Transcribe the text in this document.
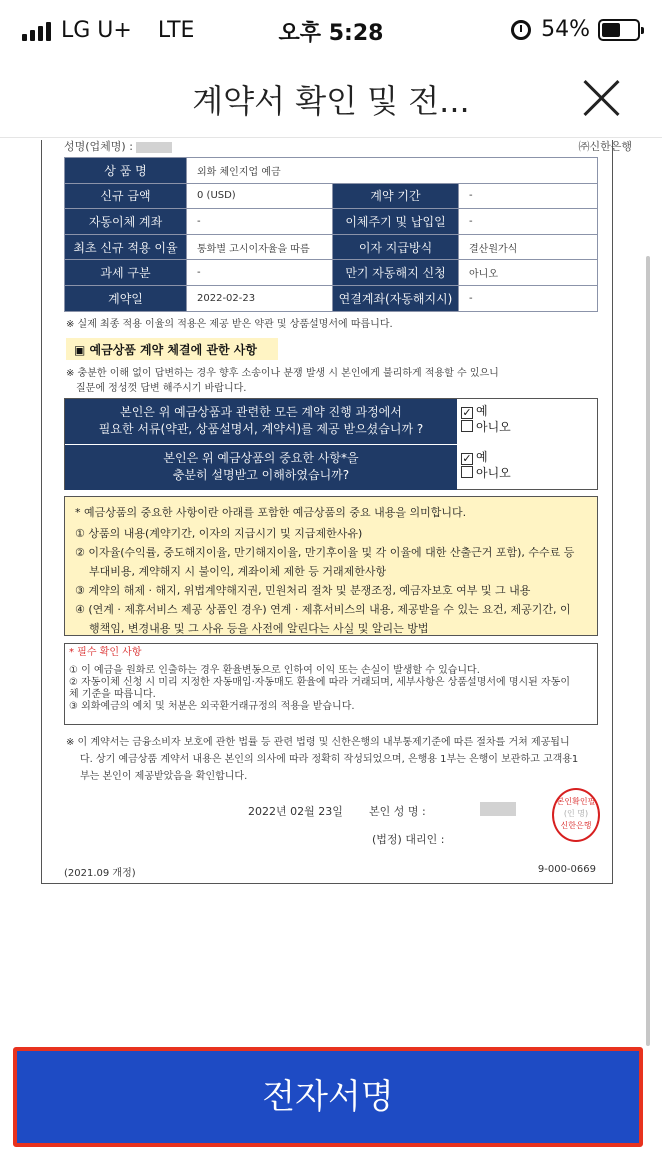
LG U+ LTE	오후 5:28	54%
계약서 확인 및 전...
성명(업체명) :	㈜신한은행
상 품 명	외화 체인지업 예금		
신규 금액	0 (USD)	계약 기간	-
자동이체 계좌	-	이체주기 및 납입일	-
최초 신규 적용 이율	통화별 고시이자율을 따름	이자 지급방식	결산원가식
과세 구분	-	만기 자동해지 신청	아니오
계약일	2022-02-23	연결계좌(자동해지시)	-
※ 실제 최종 적용 이율의 적용은 제공 받은 약관 및 상품설명서에 따릅니다.
▣ 예금상품 계약 체결에 관한 사항
※ 충분한 이해 없이 답변하는 경우 향후 소송이나 분쟁 발생 시 본인에게 불리하게 적용할 수 있으니
질문에 정성껏 답변 해주시기 바랍니다.
본인은 위 예금상품과 관련한 모든 계약 진행 과정에서
필요한 서류(약관, 상품설명서, 계약서)를 제공 받으셨습니까 ?
✓ 예
아니오
본인은 위 예금상품의 중요한 사항*을
충분히 설명받고 이해하였습니까?
✓ 예
아니오
* 예금상품의 중요한 사항이란 아래를 포함한 예금상품의 중요 내용을 의미합니다.
① 상품의 내용(계약기간, 이자의 지급시기 및 지급제한사유)
② 이자율(수익률, 중도해지이율, 만기해지이율, 만기후이율 및 각 이율에 대한 산출근거 포함), 수수료 등
부대비용, 계약해지 시 불이익, 계좌이체 제한 등 거래제한사항
③ 계약의 해제 · 해지, 위법계약해지권, 민원처리 절차 및 분쟁조정, 예금자보호 여부 및 그 내용
④ (연계 · 제휴서비스 제공 상품인 경우) 연계 · 제휴서비스의 내용, 제공받을 수 있는 요건, 제공기간, 이
행책임, 변경내용 및 그 사유 등을 사전에 알린다는 사실 및 알리는 방법
* 필수 확인 사항
① 이 예금을 원화로 인출하는 경우 환율변동으로 인하여 이익 또는 손실이 발생할 수 있습니다.
② 자동이체 신청 시 미리 지정한 자동매입·자동매도 환율에 따라 거래되며, 세부사항은 상품설명서에 명시된 자동이
체 기준을 따릅니다.
③ 외화예금의 예치 및 처분은 외국환거래규정의 적용을 받습니다.
※ 이 계약서는 금융소비자 보호에 관한 법률 등 관련 법령 및 신한은행의 내부통제기준에 따른 절차를 거쳐 제공됩니
다. 상기 예금상품 계약서 내용은 본인의 의사에 따라 정확히 작성되었으며, 은행용 1부는 은행이 보관하고 고객용1
부는 본인이 제공받았음을 확인합니다.
2022년 02월 23일 본인 성 명 :
(법정) 대리인 :
본인확인필
(인 명)
신한은행
(2021.09 개정)	9-000-0669
전자서명
